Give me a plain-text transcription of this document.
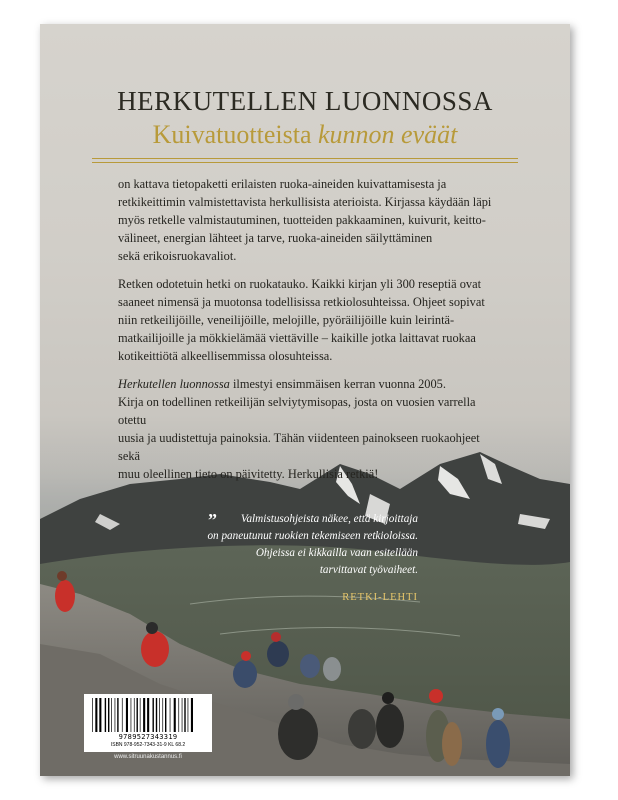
HERKUTELLEN LUONNOSSA
Kuivatuotteista kunnon eväät

on kattava tietopaketti erilaisten ruoka-aineiden kuivattamisesta ja
retkikeittimin valmistettavista herkullisista aterioista. Kirjassa käydään läpi
myös retkelle valmistautuminen, tuotteiden pakkaaminen, kuivurit, keitto-
välineet, energian lähteet ja tarve, ruoka-aineiden säilyttäminen
sekä erikoisruokavaliot.

Retken odotetuin hetki on ruokatauko. Kaikki kirjan yli 300 reseptiä ovat
saaneet nimensä ja muotonsa todellisissa retkiolosuhteissa. Ohjeet sopivat
niin retkeilijöille, veneilijöille, melojille, pyöräilijöille kuin leirintä-
matkailijoille ja mökkielämää viettäville – kaikille jotka laittavat ruokaa
kotikeittiötä alkeellisemmissa olosuhteissa.

Herkutellen luonnossa ilmestyi ensimmäisen kerran vuonna 2005.
Kirja on todellinen retkeilijän selviytymisopas, josta on vuosien varrella otettu
uusia ja uudistettuja painoksia. Tähän viidenteen painokseen ruokaohjeet sekä
muu oleellinen tieto on päivitetty. Herkullisia retkiä!

”	Valmistusohjeista näkee, että kirjoittaja
on paneutunut ruokien tekemiseen retkioloissa.
Ohjeissa ei kikkailla vaan esitellään
tarvittavat työvaiheet.
RETKI-LEHTI
9789527343319
ISBN 978-952-7343-31-9 KL 68.2
www.sitruunakustannus.fi
